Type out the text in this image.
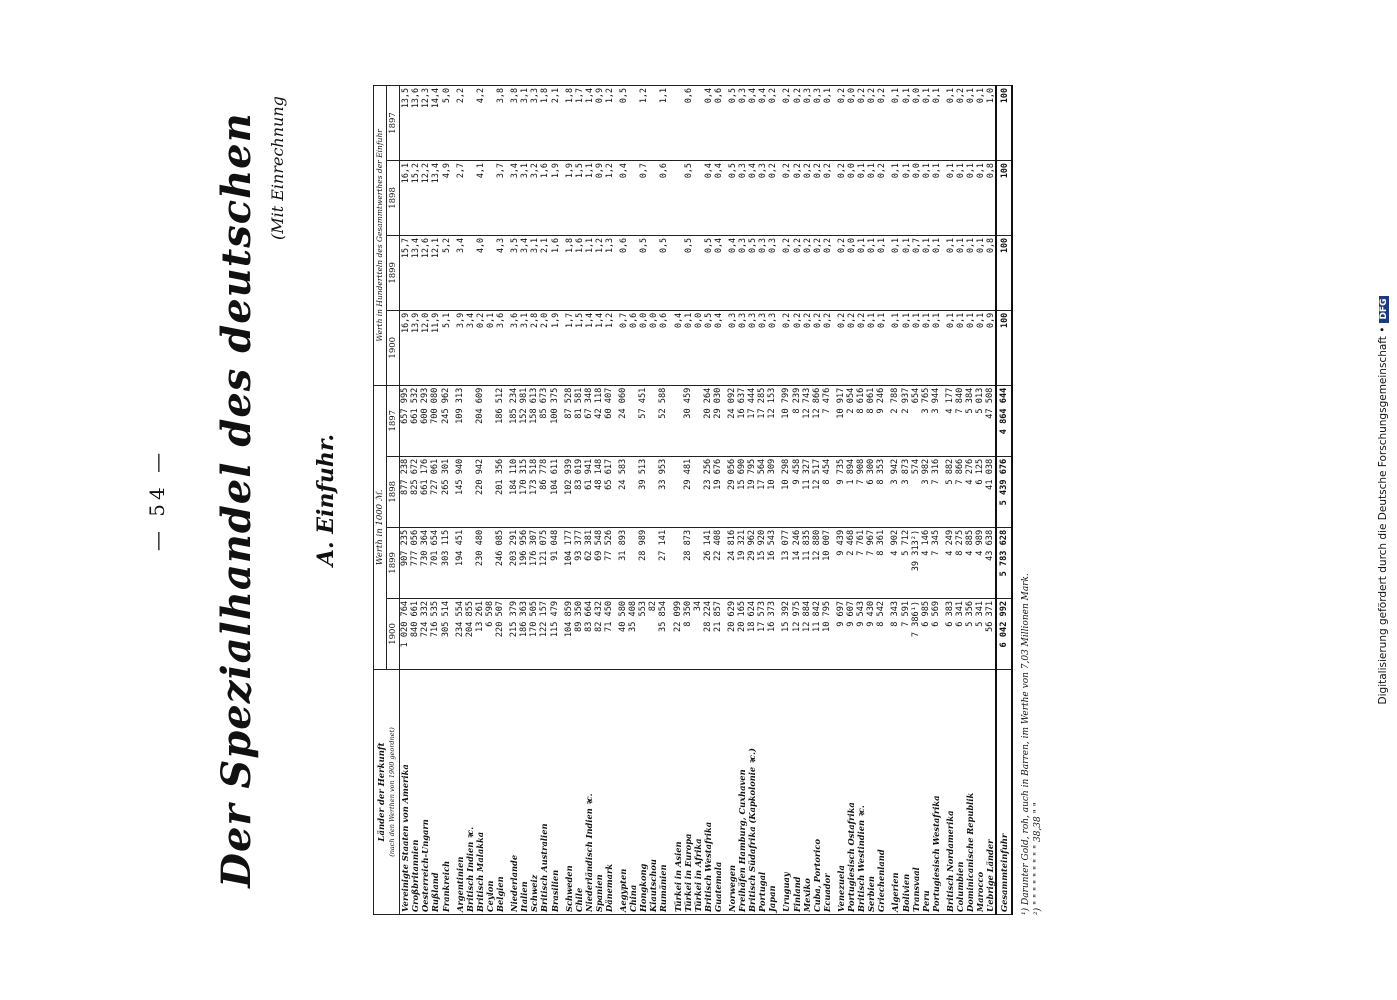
— 54 — Der Spezialhandel des deutschen (Mit Einrechnung
A. Einfuhr.
Länder der Herkunft (nach den Werthen von 1900 geordnet)	Werth in 1000 ℳ.				Werth in Hundertteln des Gesammtwerthes der Einfuhr			
	1900	1899	1898	1897	1900	1899	1898	1897
Vereinigte Staaten von Amerika	1 020 764	907 235	877 238	657 995	16,9	15,7	16,1	13,5
Großbritannien	840 661	777 056	825 672	661 532	13,9	13,4	15,2	13,6
Oesterreich-Ungarn	724 332	730 364	661 176	600 293	12,0	12,6	12,2	12,3
Rußland	716 535	701 654	727 061	700 080	11,9	12,1	13,4	14,4
Frankreich	305 514	303 115	265 301	245 962	5,1	5,2	4,9	5,0

Argentinien	234 554	194 451	145 940	109 313	3,9	3,4	2,7	2,2
Britisch Indien ꝛc.	204 855				3,4			
Britisch Malakka	13 261	230 480	220 942	204 609	0,2	4,0	4,1	4,2
Ceylon	6 598				0,1			
Belgien	220 507	246 085	201 356	186 512	3,6	4,3	3,7	3,8

Niederlande	215 379	203 291	184 110	185 234	3,6	3,5	3,4	3,8
Italien	186 363	196 956	170 315	152 981	3,1	3,4	3,1	3,1
Schweiz	170 505	176 307	173 518	158 613	2,8	3,1	3,2	3,3
Britisch Australien	122 157	121 075	86 778	85 673	2,0	2,1	1,6	1,8
Brasilien	115 479	91 048	104 611	100 375	1,9	1,6	1,9	2,1

Schweden	104 859	104 177	102 939	87 528	1,7	1,8	1,9	1,8
Chile	89 350	93 377	83 019	81 581	1,5	1,6	1,5	1,7
Niederländisch Indien ꝛc.	83 664	62 381	61 941	67 348	1,4	1,1	1,1	1,4
Spanien	82 432	69 548	48 148	42 118	1,4	1,2	0,9	0,9
Dänemark	71 450	77 526	65 617	60 407	1,2	1,3	1,2	1,2

Aegypten	40 580	31 893	24 583	24 060	0,7	0,6	0,4	0,5
China	35 408				0,6			
Hongkong	553	28 989	39 513	57 451	0,0	0,5	0,7	1,2
Kiautschou	82				0,0			
Rumänien	35 854	27 141	33 953	52 588	0,6	0,5	0,6	1,1

Türkei in Asien	22 099				0,4			
Türkei in Europa	8 350	28 873	29 481	30 459	0,1	0,5	0,5	0,6
Türkei in Afrika	34				0,0			
Britisch Westafrika	28 224	26 141	23 256	20 264	0,5	0,5	0,4	0,4
Guatemala	21 857	22 408	19 676	29 030	0,4	0,4	0,4	0,6

Norwegen	20 629	24 816	29 056	24 092	0,3	0,4	0,5	0,5
Freihäfen Hamburg, Cuxhaven	20 165	19 321	15 690	16 637	0,3	0,3	0,3	0,3
Britisch Südafrika (Kapkolonie ꝛc.)	18 624	29 962	19 795	17 444	0,3	0,5	0,4	0,4
Portugal	17 573	15 920	17 564	17 285	0,3	0,3	0,3	0,4
Japan	16 373	16 543	10 309	12 153	0,3	0,3	0,2	0,2

Uruguay	15 392	13 077	10 298	10 799	0,2	0,2	0,2	0,2
Finland	12 975	14 246	9 458	8 239	0,2	0,2	0,2	0,2
Mexiko	12 884	11 835	11 327	12 743	0,2	0,2	0,2	0,3
Cuba, Portorico	11 842	12 880	12 517	12 866	0,2	0,2	0,2	0,3
Ecuador	10 795	10 007	8 454	7 476	0,2	0,2	0,2	0,1

Venezuela	9 697	9 439	9 735	10 917	0,2	0,2	0,2	0,2
Portugiesisch Ostafrika	9 607	2 468	1 894	2 054	0,2	0,0	0,0	0,0
Britisch Westindien ꝛc.	9 543	7 761	7 908	8 616	0,2	0,1	0,1	0,2
Serbien	9 430	7 967	6 300	8 061	0,1	0,1	0,1	0,2
Griechenland	8 542	8 361	8 353	9 246	0,1	0,1	0,2	0,2

Algerien	8 343	4 902	3 942	2 788	0,1	0,1	0,1	0,1
Bolivien	7 591	5 712	3 873	2 937	0,1	0,1	0,1	0,1
Transvaal	7 386¹)	39 313²)	574	654	0,1	0,7	0,0	0,0
Peru	6 985	4 146	3 982	3 765	0,1	0,1	0,1	0,1
Portugiesisch Westafrika	6 569	7 345	7 316	3 944	0,1	0,1	0,1	0,1

Britisch Nordamerika	6 383	4 249	5 882	4 177	0,1	0,1	0,1	0,1
Columbien	6 341	8 275	7 866	7 840	0,1	0,1	0,1	0,2
Dominicanische Republik	5 356	4 885	4 276	5 384	0,1	0,1	0,1	0,1
Marocco	5 341	4 989	6 125	5 013	0,1	0,1	0,1	0,1
Uebrige Länder	56 371	43 638	41 038	47 508	0,9	0,8	0,8	1,0
Gesammteinfuhr	6 042 992	5 783 628	5 439 676	4 864 644	100	100	100	100
¹) Darunter Gold, roh, auch in Barren, im Werthe von 7,03 Millionen Mark. ²) " " " " " " " " " 38,38 " "
Digitalisierung gefördert durch die Deutsche Forschungsgemeinschaft •DFG
